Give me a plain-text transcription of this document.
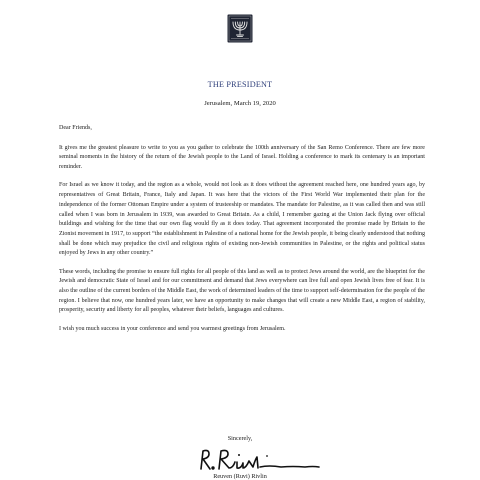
THE PRESIDENT
Jerusalem, March 19, 2020

Dear Friends,

It gives me the greatest pleasure to write to you as you gather to celebrate the 100th anniversary of the San Remo Conference. There are few more seminal moments in the history of the return of the Jewish people to the Land of Israel. Holding a conference to mark its centenary is an important reminder.

For Israel as we know it today, and the region as a whole, would not look as it does without the agreement reached here, one hundred years ago, by representatives of Great Britain, France, Italy and Japan. It was here that the victors of the First World War implemented their plan for the independence of the former Ottoman Empire under a system of trusteeship or mandates. The mandate for Palestine, as it was called then and was still called when I was born in Jerusalem in 1939, was awarded to Great Britain. As a child, I remember gazing at the Union Jack flying over official buildings and wishing for the time that our own flag would fly as it does today. That agreement incorporated the promise made by Britain to the Zionist movement in 1917, to support “the establishment in Palestine of a national home for the Jewish people, it being clearly understood that nothing shall be done which may prejudice the civil and religious rights of existing non-Jewish communities in Palestine, or the rights and political status enjoyed by Jews in any other country.”

These words, including the promise to ensure full rights for all people of this land as well as to protect Jews around the world, are the blueprint for the Jewish and democratic State of Israel and for our commitment and demand that Jews everywhere can live full and open Jewish lives free of fear. It is also the outline of the current borders of the Middle East, the work of determined leaders of the time to support self-determination for the people of the region. I believe that now, one hundred years later, we have an opportunity to make changes that will create a new Middle East, a region of stability, prosperity, security and liberty for all peoples, whatever their beliefs, languages and cultures.

I wish you much success in your conference and send you warmest greetings from Jerusalem.

Sincerely,
Reuven (Ruvi) Rivlin
